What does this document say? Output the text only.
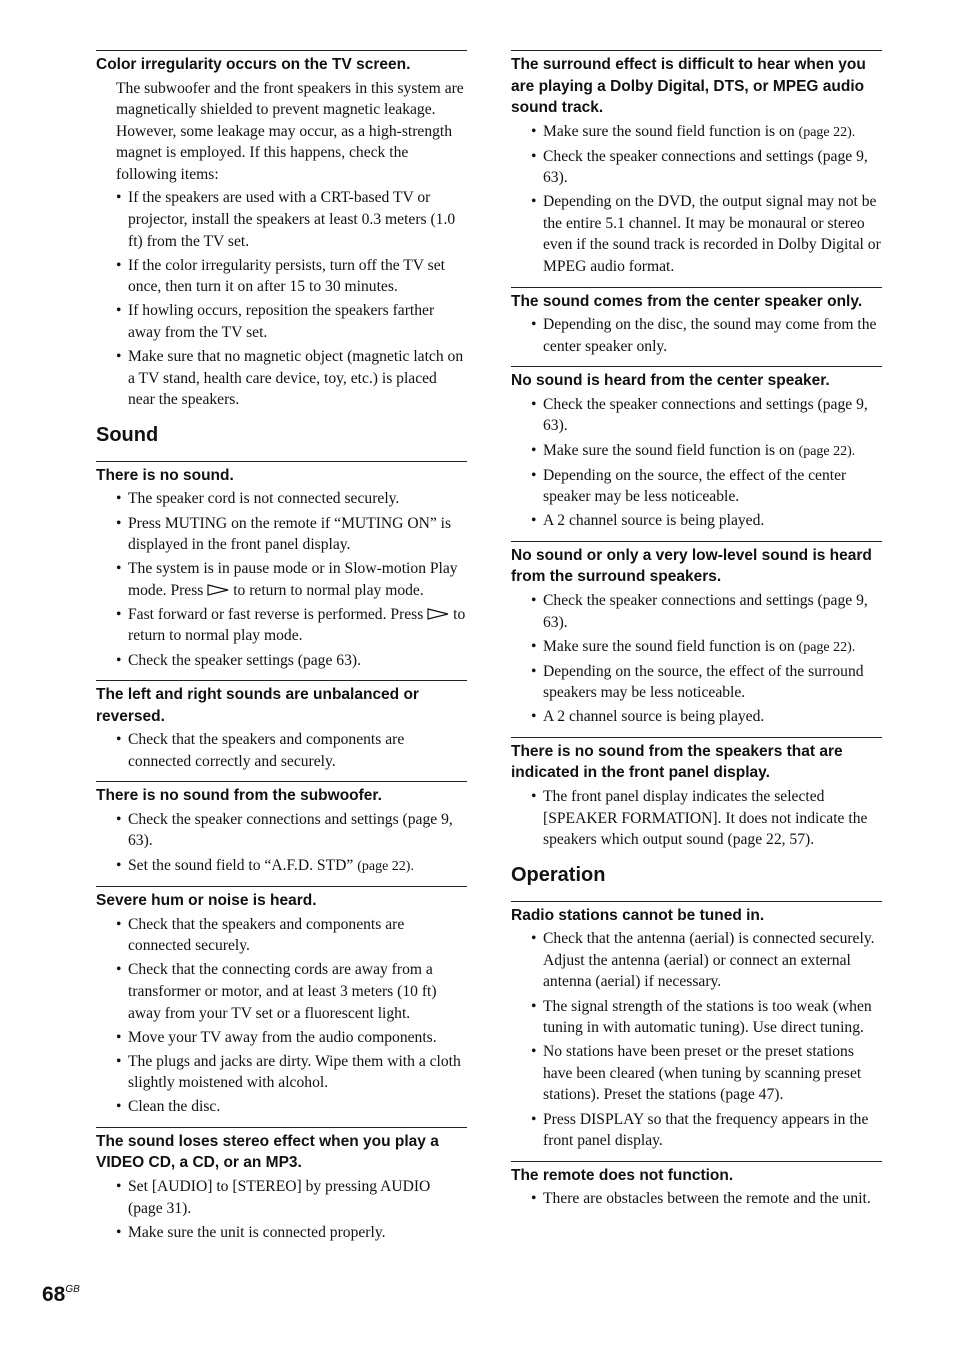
Color irregularity occurs on the TV screen.

The subwoofer and the front speakers in this system are magnetically shielded to prevent magnetic leakage. However, some leakage may occur, as a high-strength magnet is employed. If this happens, check the following items:

• If the speakers are used with a CRT-based TV or projector, install the speakers at least 0.3 meters (1.0 ft) from the TV set.
• If the color irregularity persists, turn off the TV set once, then turn it on after 15 to 30 minutes.
• If howling occurs, reposition the speakers farther away from the TV set.
• Make sure that no magnetic object (magnetic latch on a TV stand, health care device, toy, etc.) is placed near the speakers.
Sound
There is no sound.
• The speaker cord is not connected securely.
• Press MUTING on the remote if “MUTING ON” is displayed in the front panel display.
• The system is in pause mode or in Slow-motion Play mode. Press to return to normal play mode.
• Fast forward or fast reverse is performed. Press to return to normal play mode.
• Check the speaker settings (page 63).
The left and right sounds are unbalanced or reversed.
• Check that the speakers and components are connected correctly and securely.
There is no sound from the subwoofer.
• Check the speaker connections and settings (page 9, 63).
• Set the sound field to “A.F.D. STD” (page 22).
Severe hum or noise is heard.
• Check that the speakers and components are connected securely.
• Check that the connecting cords are away from a transformer or motor, and at least 3 meters (10 ft) away from your TV set or a fluorescent light.
• Move your TV away from the audio components.
• The plugs and jacks are dirty. Wipe them with a cloth slightly moistened with alcohol.
• Clean the disc.
The sound loses stereo effect when you play a VIDEO CD, a CD, or an MP3.
• Set [AUDIO] to [STEREO] by pressing AUDIO (page 31).
• Make sure the unit is connected properly.
The surround effect is difficult to hear when you are playing a Dolby Digital, DTS, or MPEG audio sound track.
• Make sure the sound field function is on (page 22).
• Check the speaker connections and settings (page 9, 63).
• Depending on the DVD, the output signal may not be the entire 5.1 channel. It may be monaural or stereo even if the sound track is recorded in Dolby Digital or MPEG audio format.
The sound comes from the center speaker only.
• Depending on the disc, the sound may come from the center speaker only.
No sound is heard from the center speaker.
• Check the speaker connections and settings (page 9, 63).
• Make sure the sound field function is on (page 22).
• Depending on the source, the effect of the center speaker may be less noticeable.
• A 2 channel source is being played.
No sound or only a very low-level sound is heard from the surround speakers.
• Check the speaker connections and settings (page 9, 63).
• Make sure the sound field function is on (page 22).
• Depending on the source, the effect of the surround speakers may be less noticeable.
• A 2 channel source is being played.
There is no sound from the speakers that are indicated in the front panel display.
• The front panel display indicates the selected [SPEAKER FORMATION]. It does not indicate the speakers which output sound (page 22, 57).
Operation
Radio stations cannot be tuned in.
• Check that the antenna (aerial) is connected securely. Adjust the antenna (aerial) or connect an external antenna (aerial) if necessary.
• The signal strength of the stations is too weak (when tuning in with automatic tuning). Use direct tuning.
• No stations have been preset or the preset stations have been cleared (when tuning by scanning preset stations). Preset the stations (page 47).
• Press DISPLAY so that the frequency appears in the front panel display.
The remote does not function.
• There are obstacles between the remote and the unit.
$68^{GB}$
